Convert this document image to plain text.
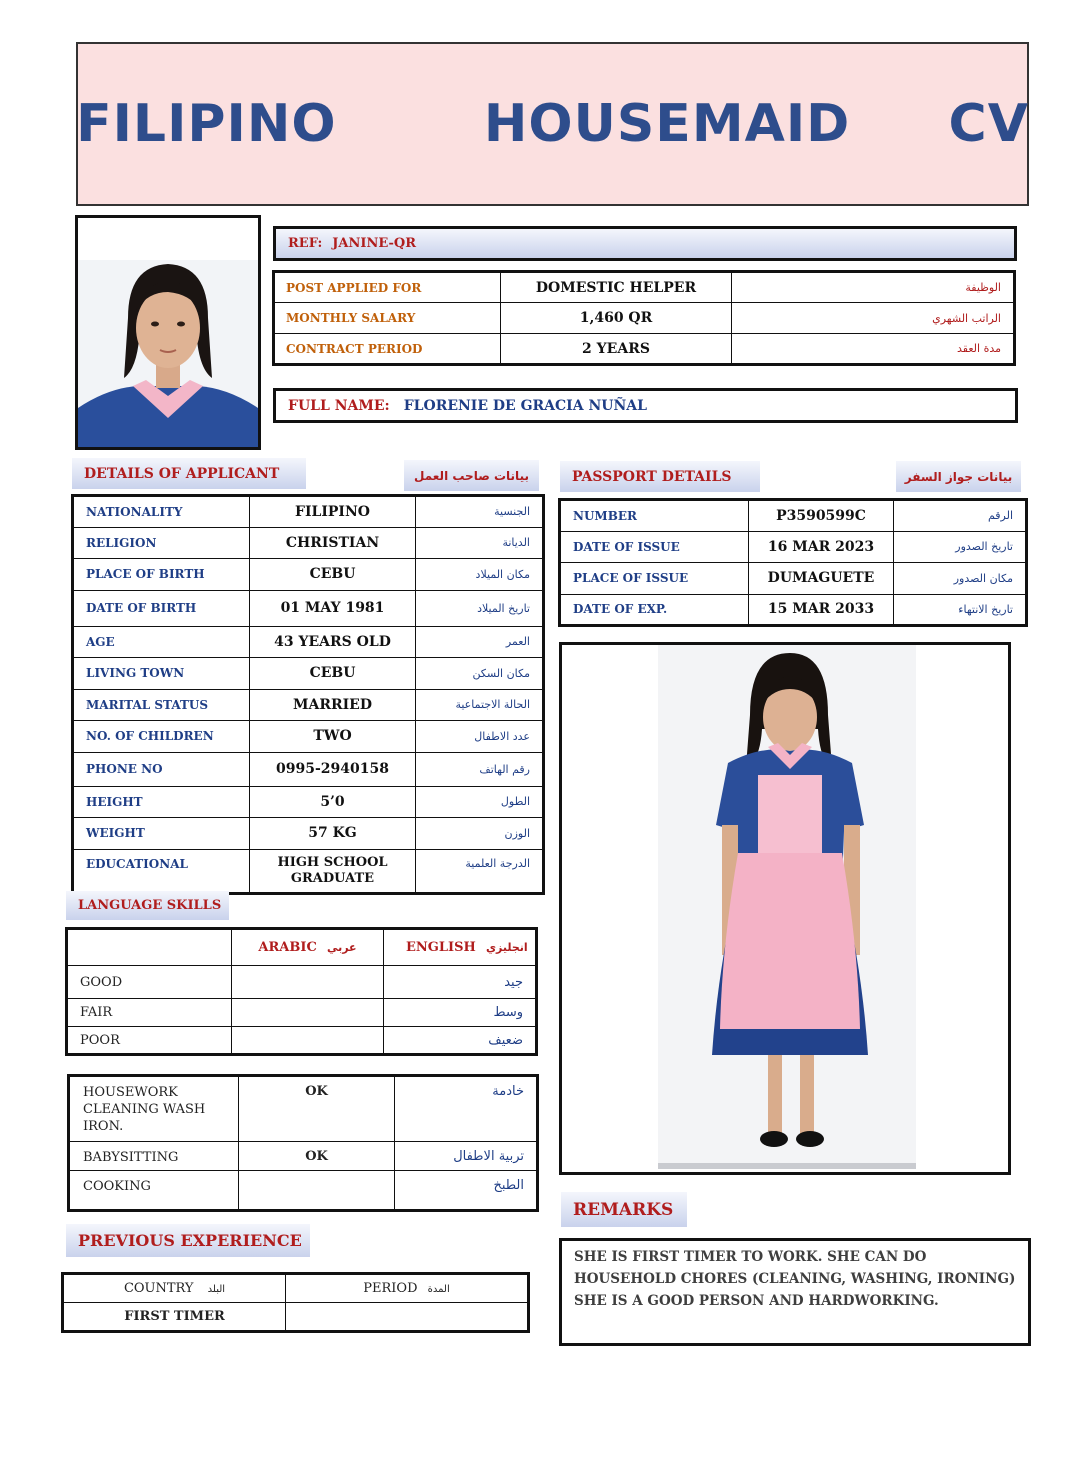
FILIPINO   HOUSEMAID  CV
REF: JANINE-QR
POST APPLIED FOR	DOMESTIC HELPER	الوظيفة
MONTHLY SALARY	1,460 QR	الراتب الشهري
CONTRACT PERIOD	2 YEARS	مدة العقد
FULL NAME: FLORENIE DE GRACIA NUÑAL
DETAILS OF APPLICANT	بيانات صاحب العمل
NATIONALITY	FILIPINO	الجنسية
RELIGION	CHRISTIAN	الديانة
PLACE OF BIRTH	CEBU	مكان الميلاد
DATE OF BIRTH	01 MAY 1981	تاريخ الميلاد
AGE	43 YEARS OLD	العمر
LIVING TOWN	CEBU	مكان السكن
MARITAL STATUS	MARRIED	الحالة الاجتماعية
NO. OF CHILDREN	TWO	عدد الاطفال
PHONE NO	0995-2940158	رقم الهاتف
HEIGHT	5’0	الطول
WEIGHT	57 KG	الوزن
EDUCATIONAL	HIGH SCHOOL GRADUATE	الدرجة العلمية
PASSPORT DETAILS	بيانات جواز السفر
NUMBER	P3590599C	الرقم
DATE OF ISSUE	16 MAR 2023	تاريخ الصدور
PLACE OF ISSUE	DUMAGUETE	مكان الصدور
DATE OF EXP.	15 MAR 2033	تاريخ الانتهاء
LANGUAGE SKILLS
	ARABIC عربي	ENGLISH انجليزي
GOOD		جيد
FAIR		وسط
POOR		ضعيف
HOUSEWORK CLEANING WASH IRON.	OK	خادمة
BABYSITTING	OK	تربية الاطفال
COOKING		الطبخ
PREVIOUS EXPERIENCE
COUNTRY البلد	PERIOD المدة
FIRST TIMER	
REMARKS
SHE IS FIRST TIMER TO WORK. SHE CAN DO HOUSEHOLD CHORES (CLEANING, WASHING, IRONING) SHE IS A GOOD PERSON AND HARDWORKING.
